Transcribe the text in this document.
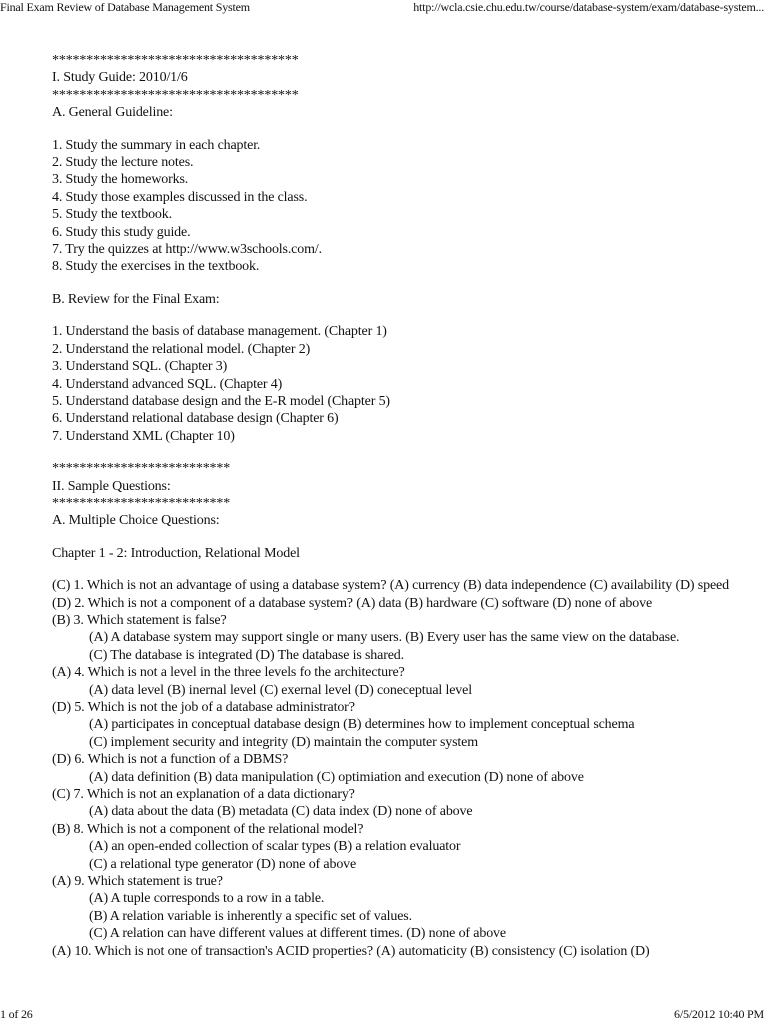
Final Exam Review of Database Management System	http://wcla.csie.chu.edu.tw/course/database-system/exam/database-system...
************************************
I. Study Guide: 2010/1/6
************************************
A. General Guideline:
1. Study the summary in each chapter.
2. Study the lecture notes.
3. Study the homeworks.
4. Study those examples discussed in the class.
5. Study the textbook.
6. Study this study guide.
7. Try the quizzes at http://www.w3schools.com/.
8. Study the exercises in the textbook.
B. Review for the Final Exam:
1. Understand the basis of database management. (Chapter 1)
2. Understand the relational model. (Chapter 2)
3. Understand SQL. (Chapter 3)
4. Understand advanced SQL. (Chapter 4)
5. Understand database design and the E-R model (Chapter 5)
6. Understand relational database design (Chapter 6)
7. Understand XML (Chapter 10)
**************************
II. Sample Questions:
**************************
A. Multiple Choice Questions:
Chapter 1 - 2: Introduction, Relational Model
(C) 1. Which is not an advantage of using a database system? (A) currency (B) data independence (C) availability (D) speed
(D) 2. Which is not a component of a database system? (A) data (B) hardware (C) software (D) none of above
(B) 3. Which statement is false?
(A) A database system may support single or many users. (B) Every user has the same view on the database.
(C) The database is integrated (D) The database is shared.
(A) 4. Which is not a level in the three levels fo the architecture?
(A) data level (B) inernal level (C) exernal level (D) coneceptual level
(D) 5. Which is not the job of a database administrator?
(A) participates in conceptual database design (B) determines how to implement conceptual schema
(C) implement security and integrity (D) maintain the computer system
(D) 6. Which is not a function of a DBMS?
(A) data definition (B) data manipulation (C) optimiation and execution (D) none of above
(C) 7. Which is not an explanation of a data dictionary?
(A) data about the data (B) metadata (C) data index (D) none of above
(B) 8. Which is not a component of the relational model?
(A) an open-ended collection of scalar types (B) a relation evaluator
(C) a relational type generator (D) none of above
(A) 9. Which statement is true?
(A) A tuple corresponds to a row in a table.
(B) A relation variable is inherently a specific set of values.
(C) A relation can have different values at different times. (D) none of above
(A) 10. Which is not one of transaction's ACID properties? (A) automaticity (B) consistency (C) isolation (D)
1 of 26	6/5/2012 10:40 PM
